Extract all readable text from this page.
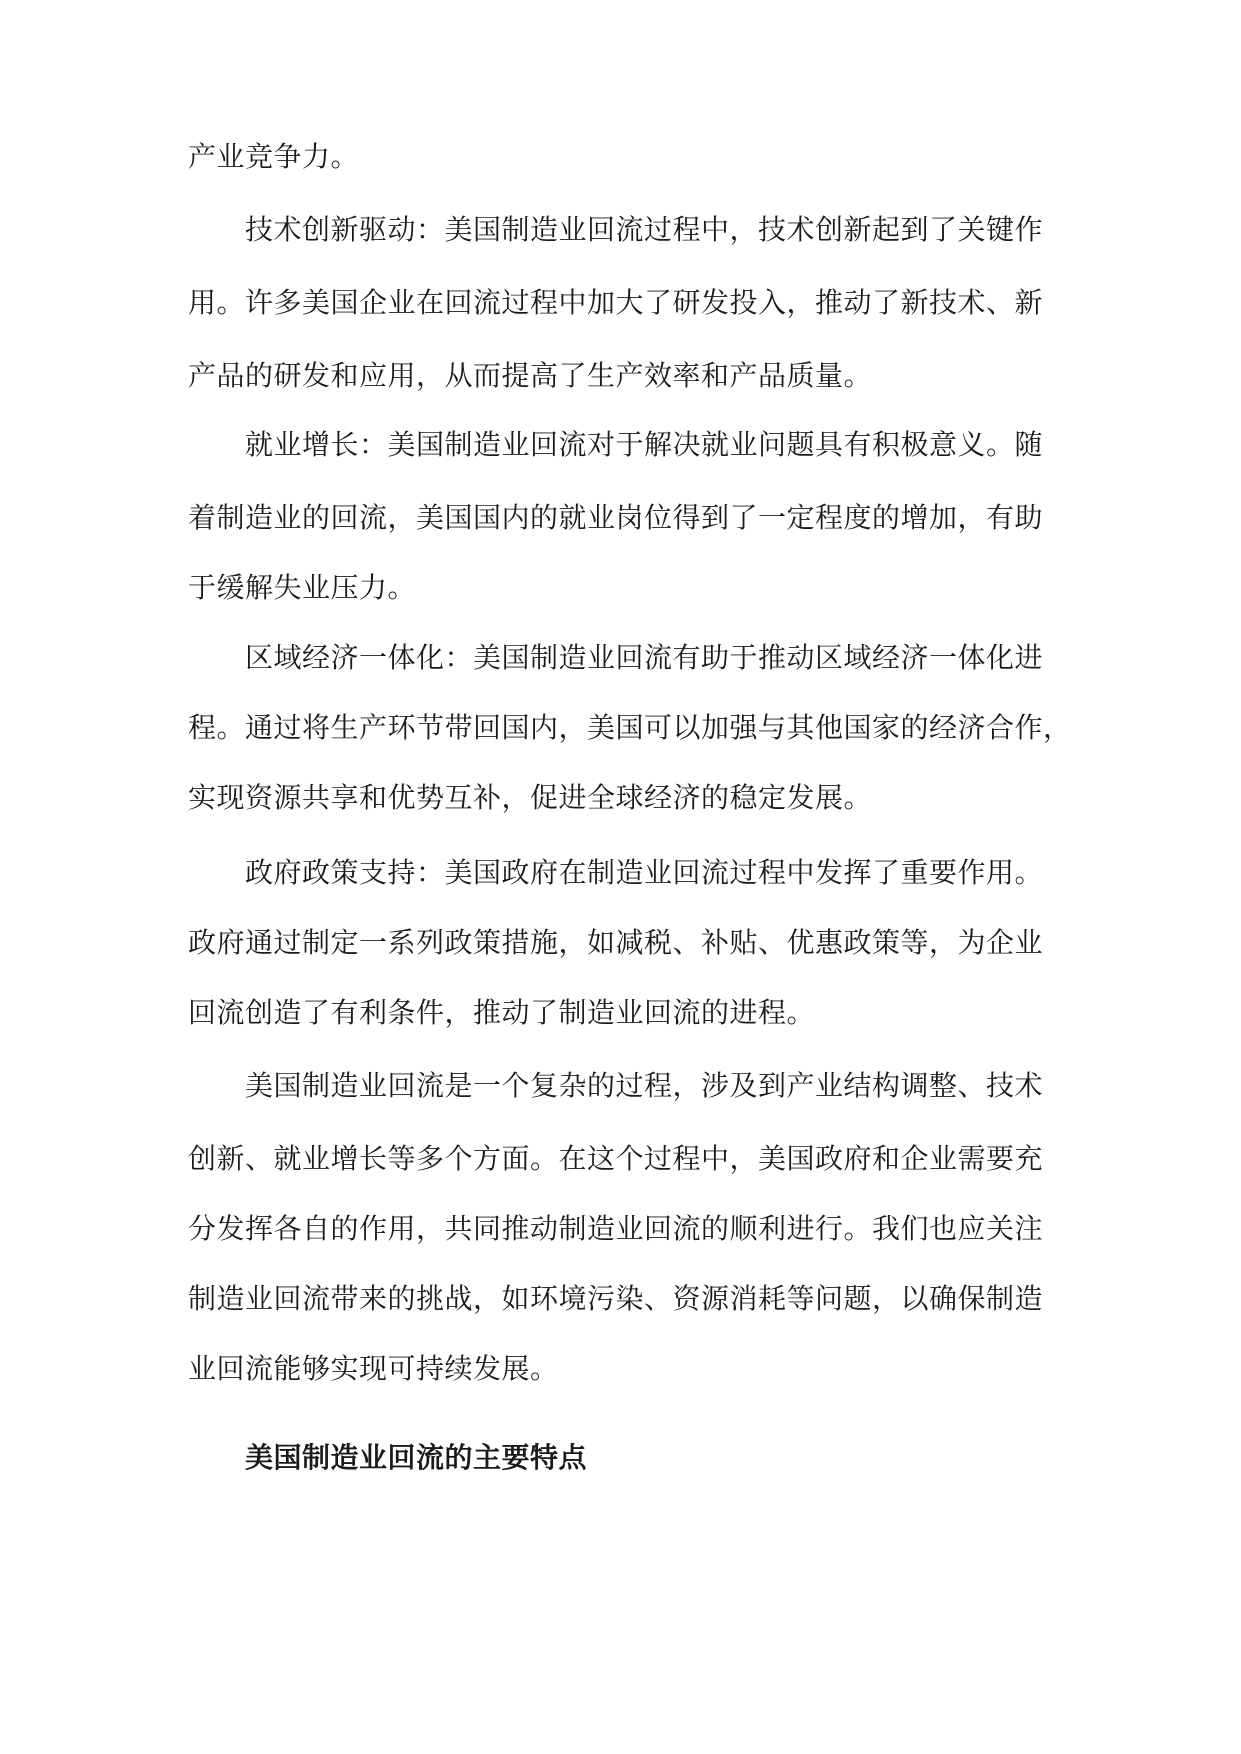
产业竞争力。
技术创新驱动：美国制造业回流过程中，技术创新起到了关键作
用。许多美国企业在回流过程中加大了研发投入，推动了新技术、新
产品的研发和应用，从而提高了生产效率和产品质量。
就业增长：美国制造业回流对于解决就业问题具有积极意义。随
着制造业的回流，美国国内的就业岗位得到了一定程度的增加，有助
于缓解失业压力。
区域经济一体化：美国制造业回流有助于推动区域经济一体化进
程。通过将生产环节带回国内，美国可以加强与其他国家的经济合作，
实现资源共享和优势互补，促进全球经济的稳定发展。
政府政策支持：美国政府在制造业回流过程中发挥了重要作用。
政府通过制定一系列政策措施，如减税、补贴、优惠政策等，为企业
回流创造了有利条件，推动了制造业回流的进程。
美国制造业回流是一个复杂的过程，涉及到产业结构调整、技术
创新、就业增长等多个方面。在这个过程中，美国政府和企业需要充
分发挥各自的作用，共同推动制造业回流的顺利进行。我们也应关注
制造业回流带来的挑战，如环境污染、资源消耗等问题，以确保制造
业回流能够实现可持续发展。
美国制造业回流的主要特点
